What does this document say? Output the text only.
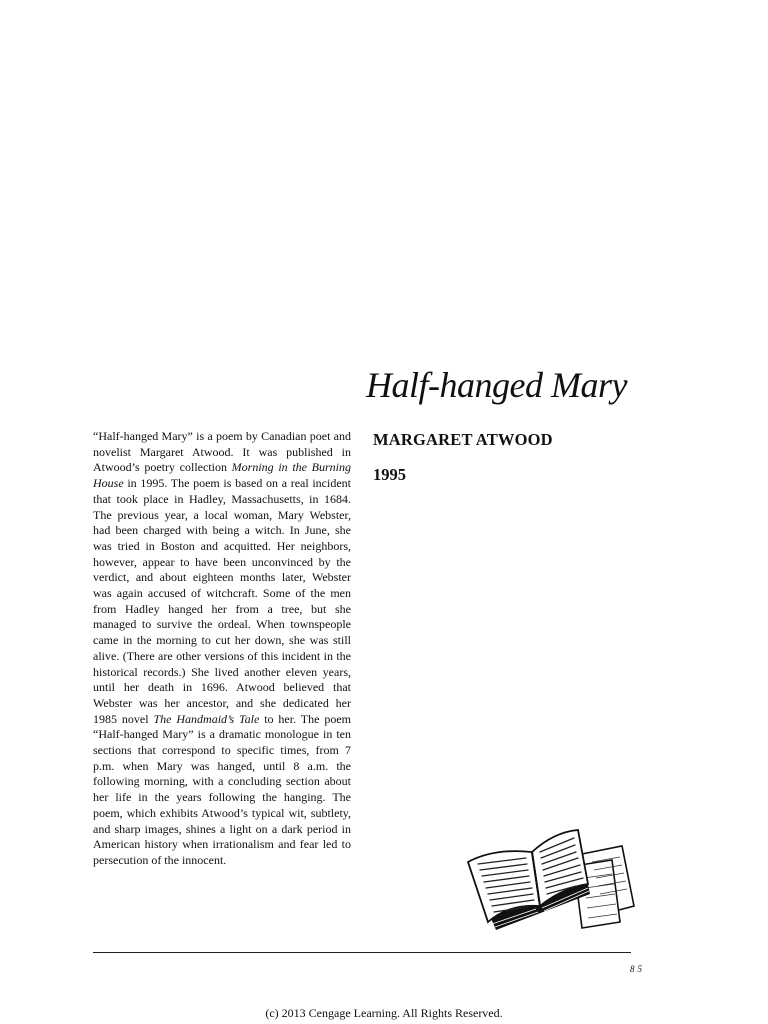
Half-hanged Mary
MARGARET ATWOOD
1995

“Half-hanged Mary” is a poem by Canadian poet and novelist Margaret Atwood. It was published in Atwood’s poetry collection Morning in the Burning House in 1995. The poem is based on a real incident that took place in Hadley, Massachusetts, in 1684. The previous year, a local woman, Mary Webster, had been charged with being a witch. In June, she was tried in Boston and acquitted. Her neighbors, however, appear to have been unconvinced by the verdict, and about eighteen months later, Webster was again accused of witchcraft. Some of the men from Hadley hanged her from a tree, but she managed to survive the ordeal. When townspeople came in the morning to cut her down, she was still alive. (There are other versions of this incident in the historical records.) She lived another eleven years, until her death in 1696. Atwood believed that Webster was her ancestor, and she dedicated her 1985 novel The Handmaid’s Tale to her. The poem “Half-hanged Mary” is a dramatic monologue in ten sections that correspond to specific times, from 7 p.m. when Mary was hanged, until 8 a.m. the following morning, with a concluding section about her life in the years following the hanging. The poem, which exhibits Atwood’s typical wit, subtlety, and sharp images, shines a light on a dark period in American history when irrationalism and fear led to persecution of the innocent.

85
(c) 2013 Cengage Learning. All Rights Reserved.
